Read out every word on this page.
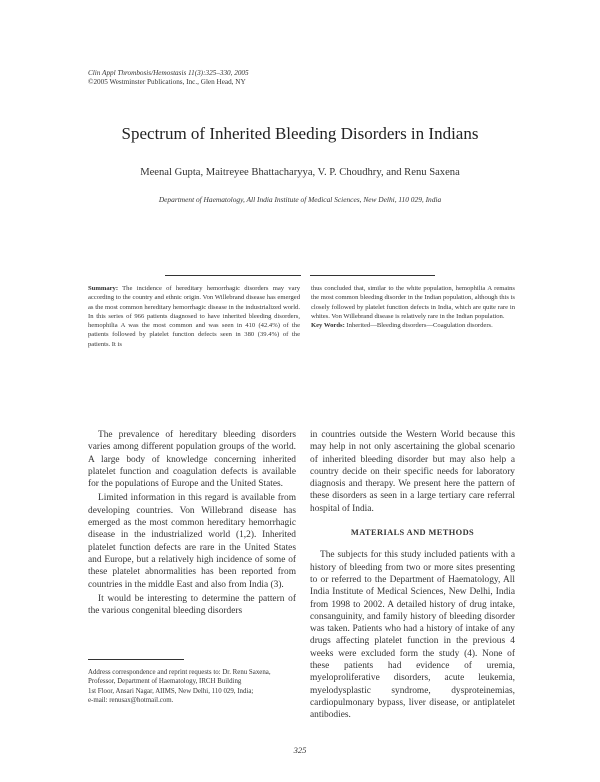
Clin Appl Thrombosis/Hemostasis 11(3):325–330, 2005
©2005 Westminster Publications, Inc., Glen Head, NY
Spectrum of Inherited Bleeding Disorders in Indians
Meenal Gupta, Maitreyee Bhattacharyya, V. P. Choudhry, and Renu Saxena
Department of Haematology, All India Institute of Medical Sciences, New Delhi, 110 029, India
Summary: The incidence of hereditary hemorrhagic disorders may vary according to the country and ethnic origin. Von Willebrand disease has emerged as the most common hereditary hemorrhagic disease in the industrialized world. In this series of 966 patients diagnosed to have inherited bleeding disorders, hemophilia A was the most common and was seen in 410 (42.4%) of the patients followed by platelet function defects seen in 380 (39.4%) of the patients. It is
thus concluded that, similar to the white population, hemophilia A remains the most common bleeding disorder in the Indian population, although this is closely followed by platelet function defects in India, which are quite rare in whites. Von Willebrand disease is relatively rare in the Indian population.
Key Words: Inherited—Bleeding disorders—Coagulation disorders.

The prevalence of hereditary bleeding disorders varies among different population groups of the world. A large body of knowledge concerning inherited platelet function and coagulation defects is available for the populations of Europe and the United States.

Limited information in this regard is available from developing countries. Von Willebrand disease has emerged as the most common hereditary hemorrhagic disease in the industrialized world (1,2). Inherited platelet function defects are rare in the United States and Europe, but a relatively high incidence of some of these platelet abnormalities has been reported from countries in the middle East and also from India (3).

It would be interesting to determine the pattern of the various congenital bleeding disorders

in countries outside the Western World because this may help in not only ascertaining the global scenario of inherited bleeding disorder but may also help a country decide on their specific needs for laboratory diagnosis and therapy. We present here the pattern of these disorders as seen in a large tertiary care referral hospital of India.

MATERIALS AND METHODS

The subjects for this study included patients with a history of bleeding from two or more sites presenting to or referred to the Department of Haematology, All India Institute of Medical Sciences, New Delhi, India from 1998 to 2002. A detailed history of drug intake, consanguinity, and family history of bleeding disorder was taken. Patients who had a history of intake of any drugs affecting platelet function in the previous 4 weeks were excluded form the study (4). None of these patients had evidence of uremia, myeloproliferative disorders, acute leukemia, myelodysplastic syndrome, dysproteinemias, cardiopulmonary bypass, liver disease, or antiplatelet antibodies.

Address correspondence and reprint requests to: Dr. Renu Saxena,
Professor, Department of Haematology, IRCH Building
1st Floor, Ansari Nagar, AIIMS, New Delhi, 110 029, India;
e-mail: renusax@hotmail.com.
325
